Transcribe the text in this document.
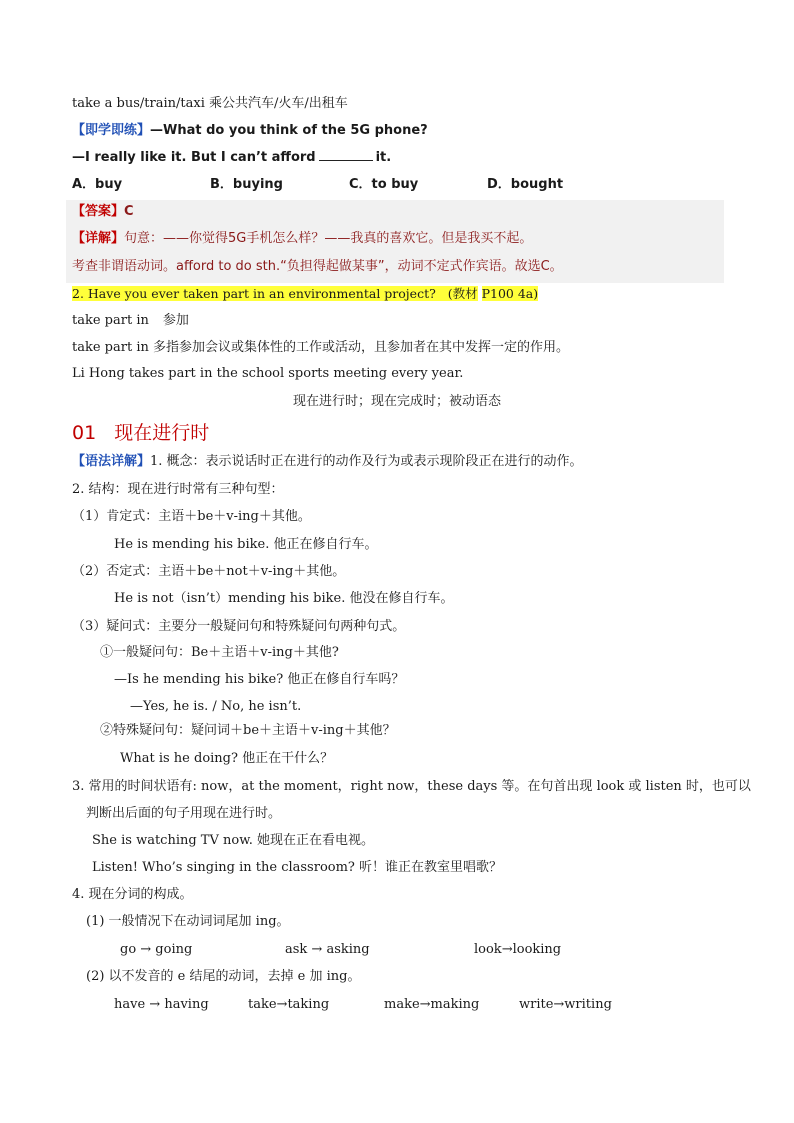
take a bus/train/taxi 乘公共汽车/火车/出租车
【即学即练】—What do you think of the 5G phone?
—I really like it. But I can’t afford	it.
A．buy	B．buying	C．to buy	D．bought
【答案】C
【详解】句意：——你觉得5G手机怎么样？——我真的喜欢它。但是我买不起。
考查非谓语动词。afford to do sth.“负担得起做某事”，动词不定式作宾语。故选C。
2. Have you ever taken part in an environmental project? (教材 P100 4a)
take part in 参加
take part in 多指参加会议或集体性的工作或活动，且参加者在其中发挥一定的作用。
Li Hong takes part in the school sports meeting every year.
现在进行时；现在完成时；被动语态
01 现在进行时
【语法详解】1. 概念：表示说话时正在进行的动作及行为或表示现阶段正在进行的动作。
2. 结构：现在进行时常有三种句型：
（1）肯定式：主语＋be＋v-ing＋其他。
He is mending his bike. 他正在修自行车。
（2）否定式：主语＋be＋not＋v-ing＋其他。
He is not（isn’t）mending his bike. 他没在修自行车。
（3）疑问式：主要分一般疑问句和特殊疑问句两种句式。
①一般疑问句：Be＋主语＋v-ing＋其他?
—Is he mending his bike? 他正在修自行车吗？
—Yes, he is. / No, he isn’t.
②特殊疑问句：疑问词＋be＋主语＋v-ing＋其他？
What is he doing? 他正在干什么？
3. 常用的时间状语有: now，at the moment，right now，these days 等。在句首出现 look 或 listen 时，也可以
判断出后面的句子用现在进行时。
She is watching TV now. 她现在正在看电视。
Listen! Who’s singing in the classroom? 听！谁正在教室里唱歌？
4. 现在分词的构成。
(1) 一般情况下在动词词尾加 ing。
go → going	ask → asking	look→looking
(2) 以不发音的 e 结尾的动词，去掉 e 加 ing。
have → having	take→taking	make→making	write→writing
